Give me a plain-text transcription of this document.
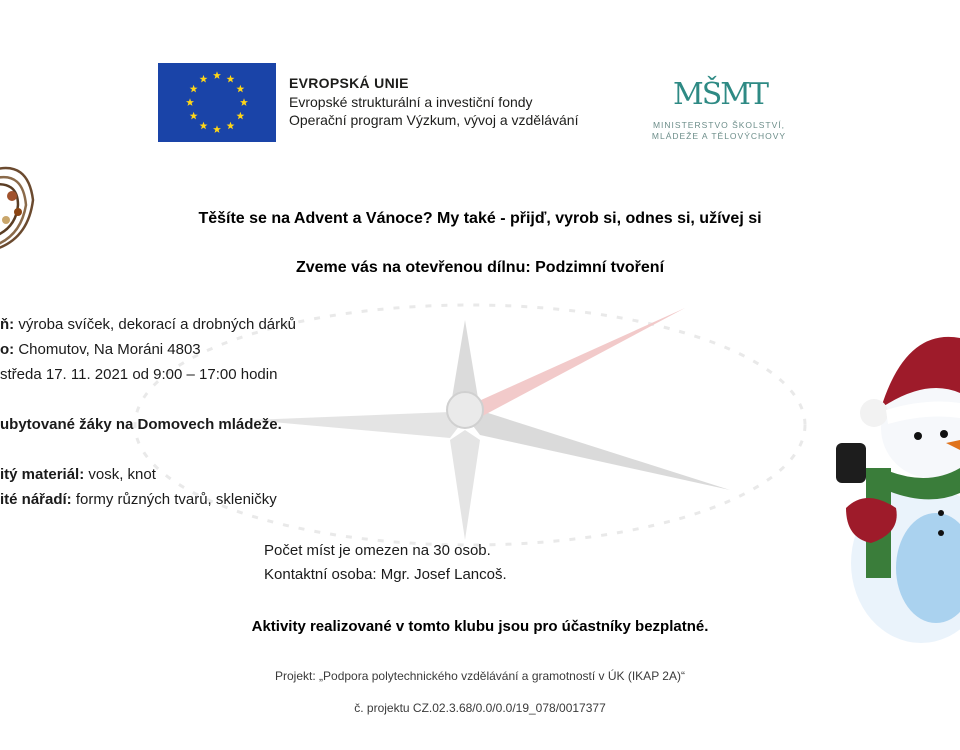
EVROPSKÁ UNIE
Evropské strukturální a investiční fondy
Operační program Výzkum, vývoj a vzdělávání
MŠMT
MINISTERSTVO ŠKOLSTVÍ,
MLÁDEŽE A TĚLOVÝCHOVY
Těšíte se na Advent a Vánoce? My také - přijď, vyrob si, odnes si, užívej si
Zveme vás na otevřenou dílnu: Podzimní tvoření
ň: výroba svíček, dekorací a drobných dárků
o: Chomutov, Na Moráni 4803
středa 17. 11. 2021 od 9:00 – 17:00 hodin
ubytované žáky na Domovech mládeže.
itý materiál: vosk, knot
ité nářadí: formy různých tvarů, skleničky
Počet míst je omezen na 30 osob.
Kontaktní osoba: Mgr. Josef Lancoš.
Aktivity realizované v tomto klubu jsou pro účastníky bezplatné.
Projekt: „Podpora polytechnického vzdělávání a gramotností v ÚK (IKAP 2A)“
č. projektu CZ.02.3.68/0.0/0.0/19_078/0017377
